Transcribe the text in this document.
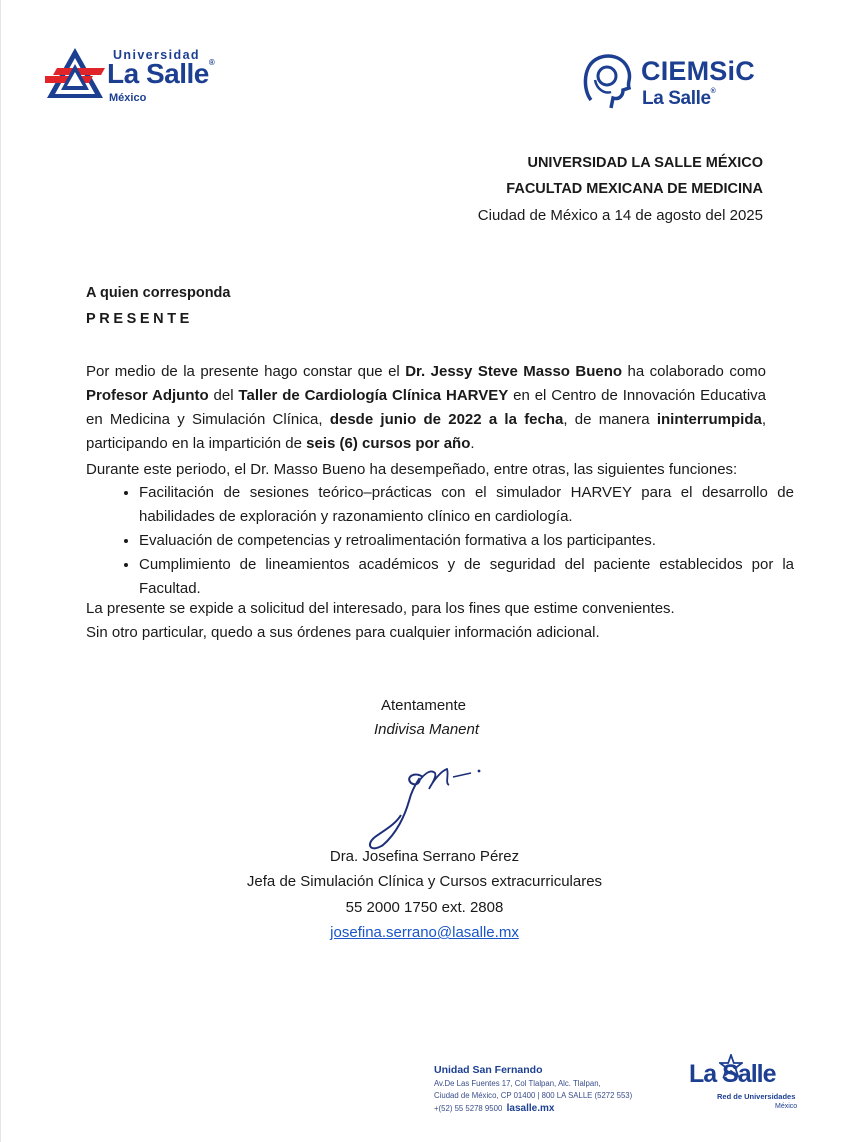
Universidad
La Salle®
México
CIEMSiC
La Salle®
UNIVERSIDAD LA SALLE MÉXICO
FACULTAD MEXICANA DE MEDICINA
Ciudad de México a 14 de agosto del 2025
A quien corresponda
PRESENTE
Por medio de la presente hago constar que el Dr. Jessy Steve Masso Bueno ha colaborado como Profesor Adjunto del Taller de Cardiología Clínica HARVEY en el Centro de Innovación Educativa en Medicina y Simulación Clínica, desde junio de 2022 a la fecha, de manera ininterrumpida, participando en la impartición de seis (6) cursos por año.
Durante este periodo, el Dr. Masso Bueno ha desempeñado, entre otras, las siguientes funciones:
• Facilitación de sesiones teórico–prácticas con el simulador HARVEY para el desarrollo de habilidades de exploración y razonamiento clínico en cardiología.
• Evaluación de competencias y retroalimentación formativa a los participantes.
• Cumplimiento de lineamientos académicos y de seguridad del paciente establecidos por la Facultad.
La presente se expide a solicitud del interesado, para los fines que estime convenientes.
Sin otro particular, quedo a sus órdenes para cualquier información adicional.
Atentamente
Indivisa Manent
Dra. Josefina Serrano Pérez
Jefa de Simulación Clínica y Cursos extracurriculares
55 2000 1750 ext. 2808
josefina.serrano@lasalle.mx
Unidad San Fernando
Av.De Las Fuentes 17, Col Tlalpan, Alc. Tlalpan,
Ciudad de México, CP 01400 | 800 LA SALLE (5272 553)
+(52) 55 5278 9500 lasalle.mx
La Salle
Red de Universidades
México
